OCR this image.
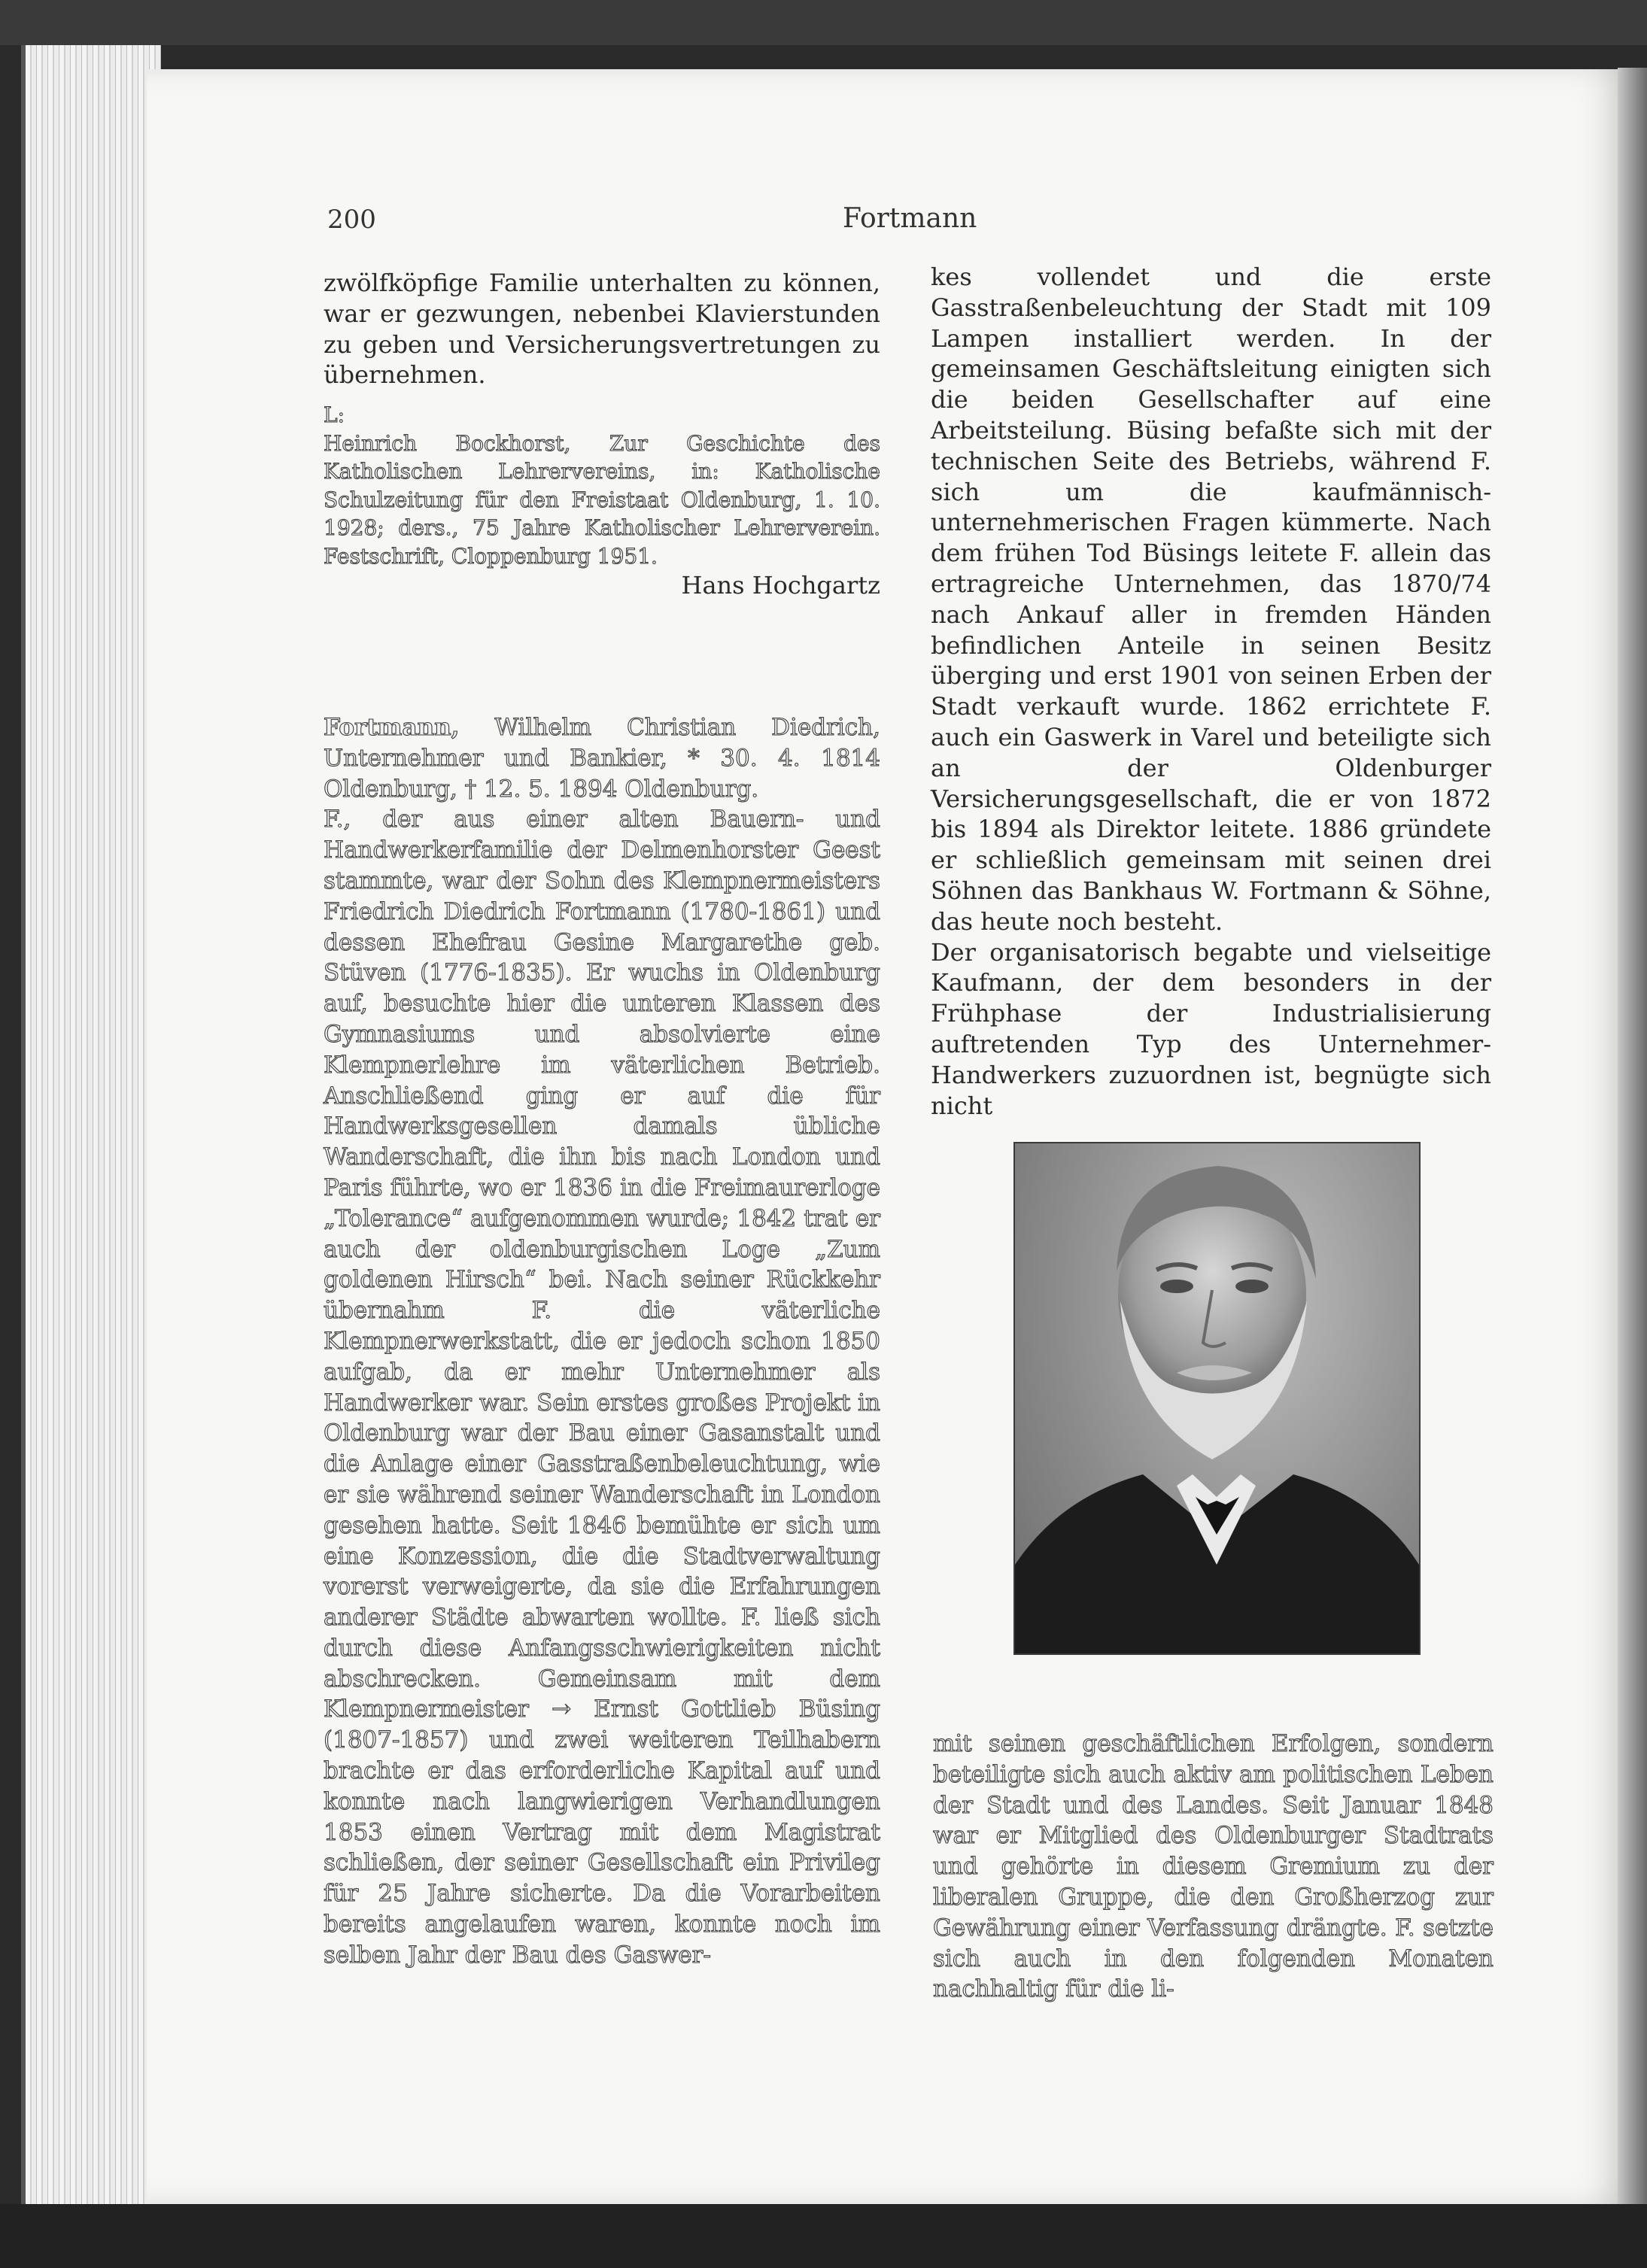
200	Fortmann

zwölfköpfige Familie unterhalten zu können, war er gezwungen, nebenbei Klavierstunden zu geben und Versicherungsvertretungen zu übernehmen.

L:

Heinrich Bockhorst, Zur Geschichte des Katholischen Lehrervereins, in: Katholische Schulzeitung für den Freistaat Oldenburg, 1. 10. 1928; ders., 75 Jahre Katholischer Lehrerverein. Festschrift, Cloppenburg 1951.

Hans Hochgartz

Fortmann, Wilhelm Christian Diedrich, Unternehmer und Bankier, * 30. 4. 1814 Oldenburg, † 12. 5. 1894 Oldenburg.

F., der aus einer alten Bauern- und Handwerkerfamilie der Delmenhorster Geest stammte, war der Sohn des Klempnermeisters Friedrich Diedrich Fortmann (1780-1861) und dessen Ehefrau Gesine Margarethe geb. Stüven (1776-1835). Er wuchs in Oldenburg auf, besuchte hier die unteren Klassen des Gymnasiums und absolvierte eine Klempnerlehre im väterlichen Betrieb. Anschließend ging er auf die für Handwerksgesellen damals übliche Wanderschaft, die ihn bis nach London und Paris führte, wo er 1836 in die Freimaurerloge „Tolerance“ aufgenommen wurde; 1842 trat er auch der oldenburgischen Loge „Zum goldenen Hirsch“ bei. Nach seiner Rückkehr übernahm F. die väterliche Klempnerwerkstatt, die er jedoch schon 1850 aufgab, da er mehr Unternehmer als Handwerker war. Sein erstes großes Projekt in Oldenburg war der Bau einer Gasanstalt und die Anlage einer Gasstraßenbeleuchtung, wie er sie während seiner Wanderschaft in London gesehen hatte. Seit 1846 bemühte er sich um eine Konzession, die die Stadtverwaltung vorerst verweigerte, da sie die Erfahrungen anderer Städte abwarten wollte. F. ließ sich durch diese Anfangsschwierigkeiten nicht abschrecken. Gemeinsam mit dem Klempnermeister → Ernst Gottlieb Büsing (1807-1857) und zwei weiteren Teilhabern brachte er das erforderliche Kapital auf und konnte nach langwierigen Verhandlungen 1853 einen Vertrag mit dem Magistrat schließen, der seiner Gesellschaft ein Privileg für 25 Jahre sicherte. Da die Vorarbeiten bereits angelaufen waren, konnte noch im selben Jahr der Bau des Gaswer-

kes vollendet und die erste Gasstraßenbeleuchtung der Stadt mit 109 Lampen installiert werden. In der gemeinsamen Geschäftsleitung einigten sich die beiden Gesellschafter auf eine Arbeitsteilung. Büsing befaßte sich mit der technischen Seite des Betriebs, während F. sich um die kaufmännisch-unternehmerischen Fragen kümmerte. Nach dem frühen Tod Büsings leitete F. allein das ertragreiche Unternehmen, das 1870/74 nach Ankauf aller in fremden Händen befindlichen Anteile in seinen Besitz überging und erst 1901 von seinen Erben der Stadt verkauft wurde. 1862 errichtete F. auch ein Gaswerk in Varel und beteiligte sich an der Oldenburger Versicherungsgesellschaft, die er von 1872 bis 1894 als Direktor leitete. 1886 gründete er schließlich gemeinsam mit seinen drei Söhnen das Bankhaus W. Fortmann & Söhne, das heute noch besteht.

Der organisatorisch begabte und vielseitige Kaufmann, der dem besonders in der Frühphase der Industrialisierung auftretenden Typ des Unternehmer-Handwerkers zuzuordnen ist, begnügte sich nicht

mit seinen geschäftlichen Erfolgen, sondern beteiligte sich auch aktiv am politischen Leben der Stadt und des Landes. Seit Januar 1848 war er Mitglied des Oldenburger Stadtrats und gehörte in diesem Gremium zu der liberalen Gruppe, die den Großherzog zur Gewährung einer Verfassung drängte. F. setzte sich auch in den folgenden Monaten nachhaltig für die li-
